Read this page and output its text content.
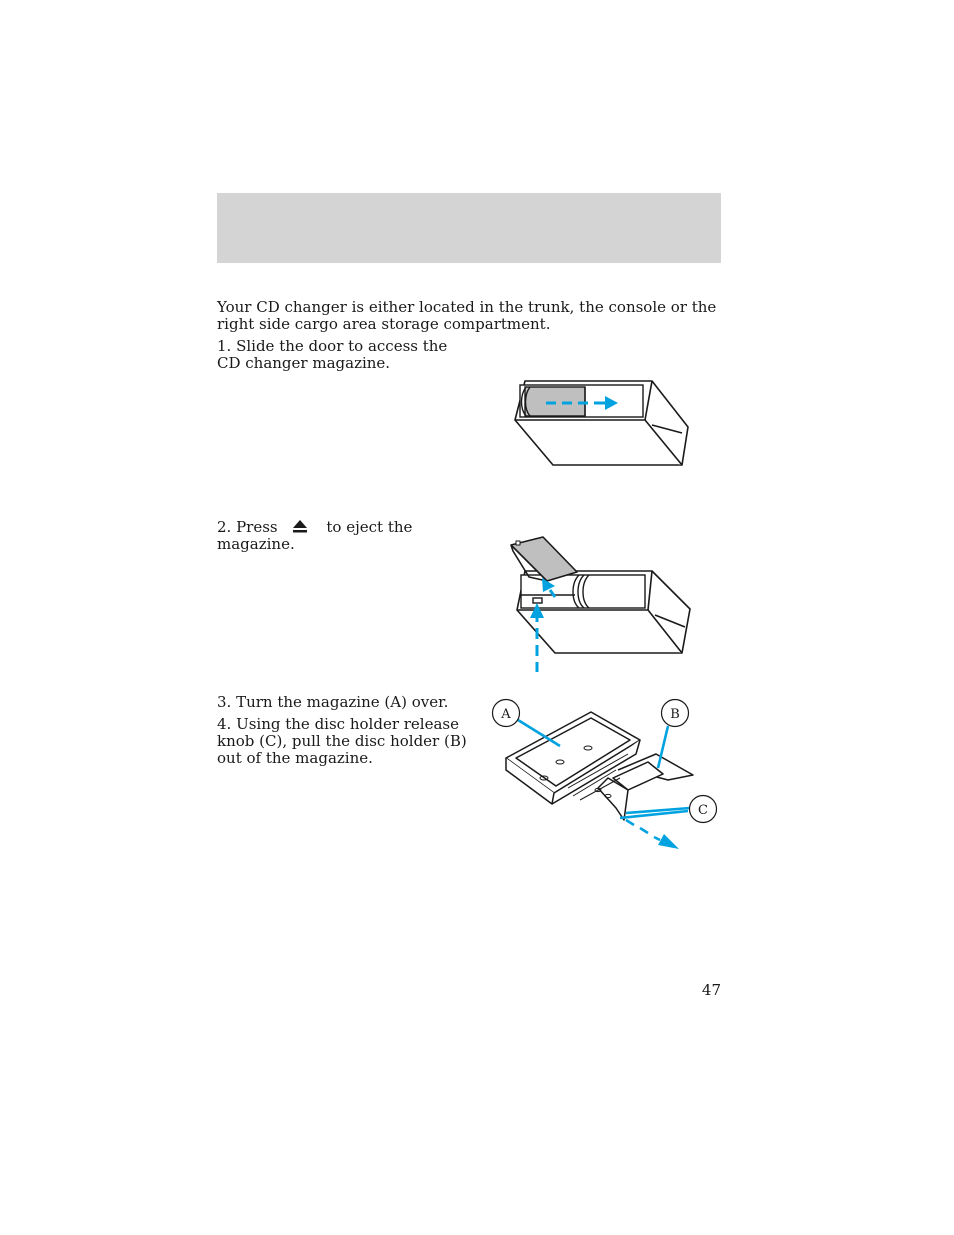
Your CD changer is either located in the trunk, the console or the right side cargo area storage compartment.
1. Slide the door to access the CD changer magazine.
2. Press	to eject the magazine.
3. Turn the magazine (A) over.
4. Using the disc holder release knob (C), pull the disc holder (B) out of the magazine.
A	B
C
47
